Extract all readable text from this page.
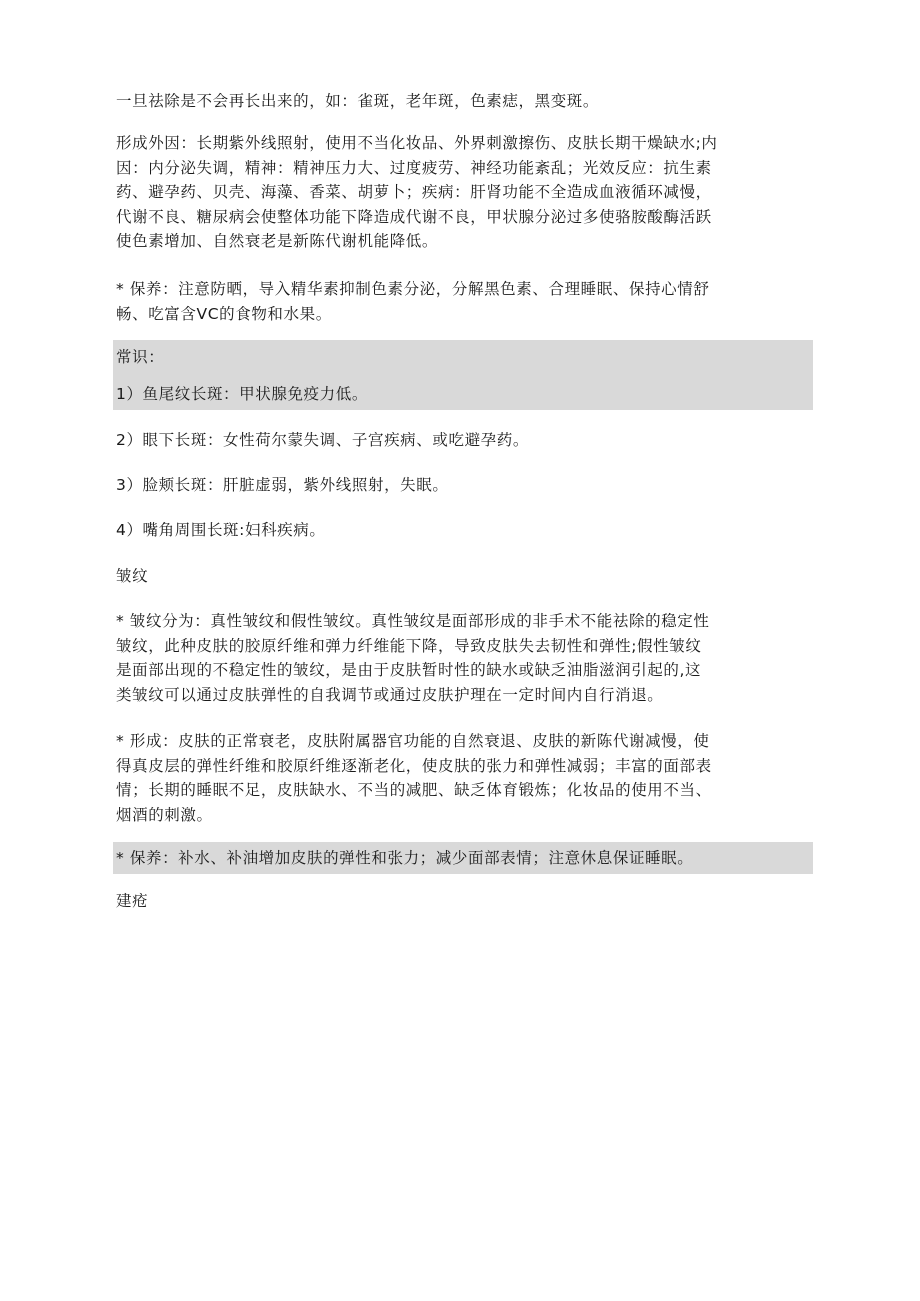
一旦祛除是不会再长出来的，如：雀斑，老年斑，色素痣，黑变斑。
形成外因：长期紫外线照射，使用不当化妆品、外界刺激擦伤、皮肤长期干燥缺水;内
因：内分泌失调，精神：精神压力大、过度疲劳、神经功能紊乱；光效反应：抗生素
药、避孕药、贝壳、海藻、香菜、胡萝卜；疾病：肝肾功能不全造成血液循环减慢，
代谢不良、糖尿病会使整体功能下降造成代谢不良，甲状腺分泌过多使骆胺酸酶活跃
使色素增加、自然衰老是新陈代谢机能降低。
* 保养：注意防晒，导入精华素抑制色素分泌，分解黑色素、合理睡眠、保持心情舒
畅、吃富含VC的食物和水果。
常识：
1）鱼尾纹长斑：甲状腺免疫力低。
2）眼下长斑：女性荷尔蒙失调、子宫疾病、或吃避孕药。
3）脸颊长斑：肝脏虚弱，紫外线照射，失眠。
4）嘴角周围长斑:妇科疾病。
皱纹
* 皱纹分为：真性皱纹和假性皱纹。真性皱纹是面部形成的非手术不能祛除的稳定性
皱纹，此种皮肤的胶原纤维和弹力纤维能下降，导致皮肤失去韧性和弹性;假性皱纹
是面部出现的不稳定性的皱纹，是由于皮肤暂时性的缺水或缺乏油脂滋润引起的,这
类皱纹可以通过皮肤弹性的自我调节或通过皮肤护理在一定时间内自行消退。
* 形成：皮肤的正常衰老，皮肤附属器官功能的自然衰退、皮肤的新陈代谢减慢，使
得真皮层的弹性纤维和胶原纤维逐渐老化，使皮肤的张力和弹性减弱；丰富的面部表
情；长期的睡眠不足，皮肤缺水、不当的减肥、缺乏体育锻炼；化妆品的使用不当、
烟酒的刺激。
* 保养：补水、补油增加皮肤的弹性和张力；减少面部表情；注意休息保证睡眠。
建疮
